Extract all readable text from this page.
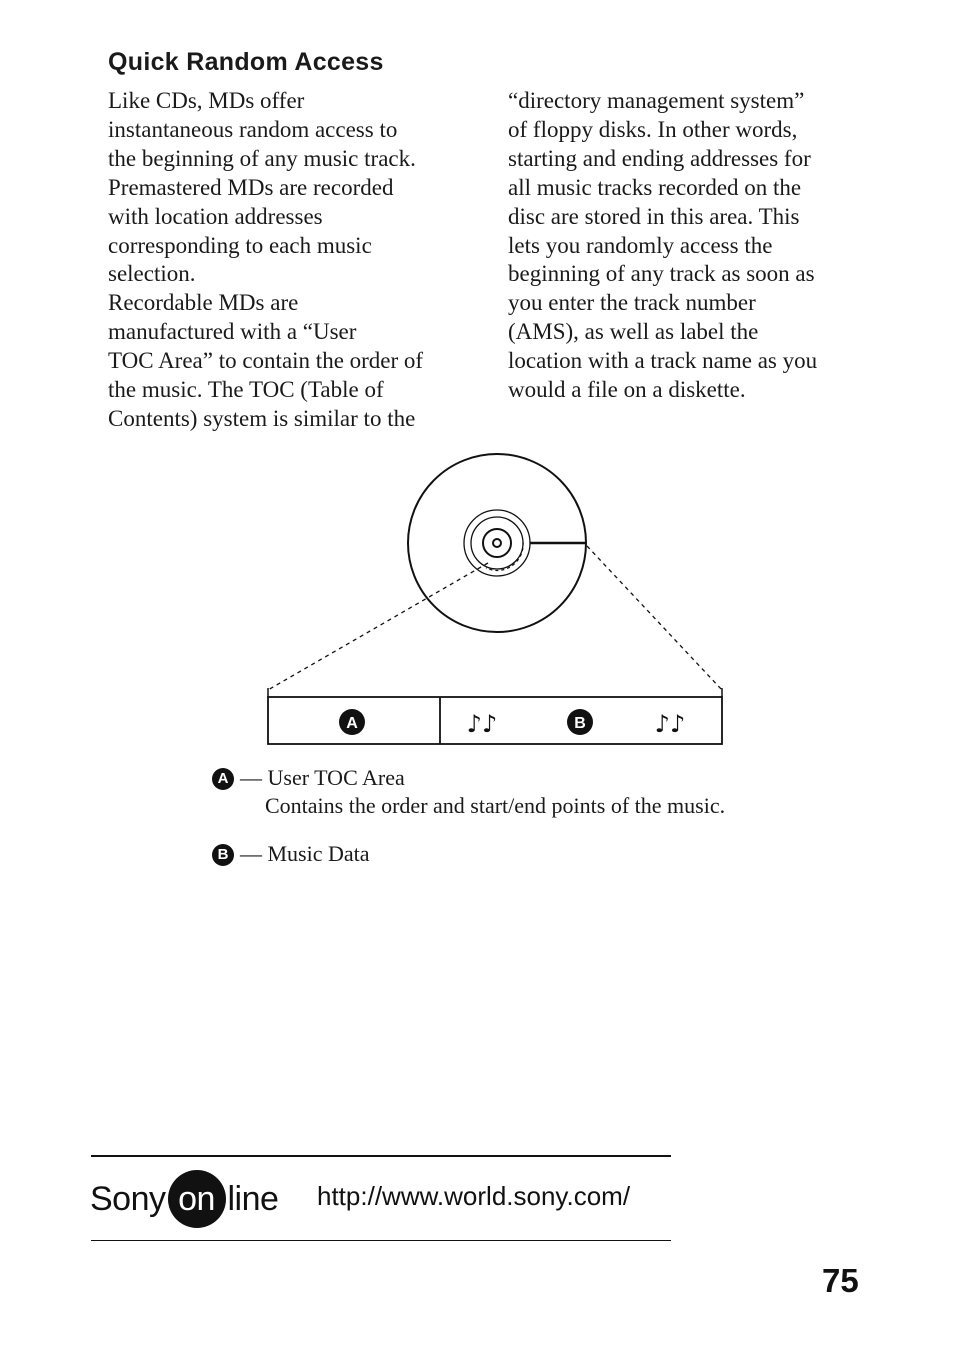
Quick Random Access

Like CDs, MDs offer
instantaneous random access to
the beginning of any music track.
Premastered MDs are recorded
with location addresses
corresponding to each music
selection.
Recordable MDs are
manufactured with a “User
TOC Area” to contain the order of
the music. The TOC (Table of
Contents) system is similar to the

“directory management system”
of floppy disks. In other words,
starting and ending addresses for
all music tracks recorded on the
disc are stored in this area. This
lets you randomly access the
beginning of any track as soon as
you enter the track number
(AMS), as well as label the
location with a track name as you
would a file on a diskette.

A	B
♪♪	♪♪
A — User TOC Area
Contains the order and start/end points of the music.
B — Music Data
Sony on line http://www.world.sony.com/
75
